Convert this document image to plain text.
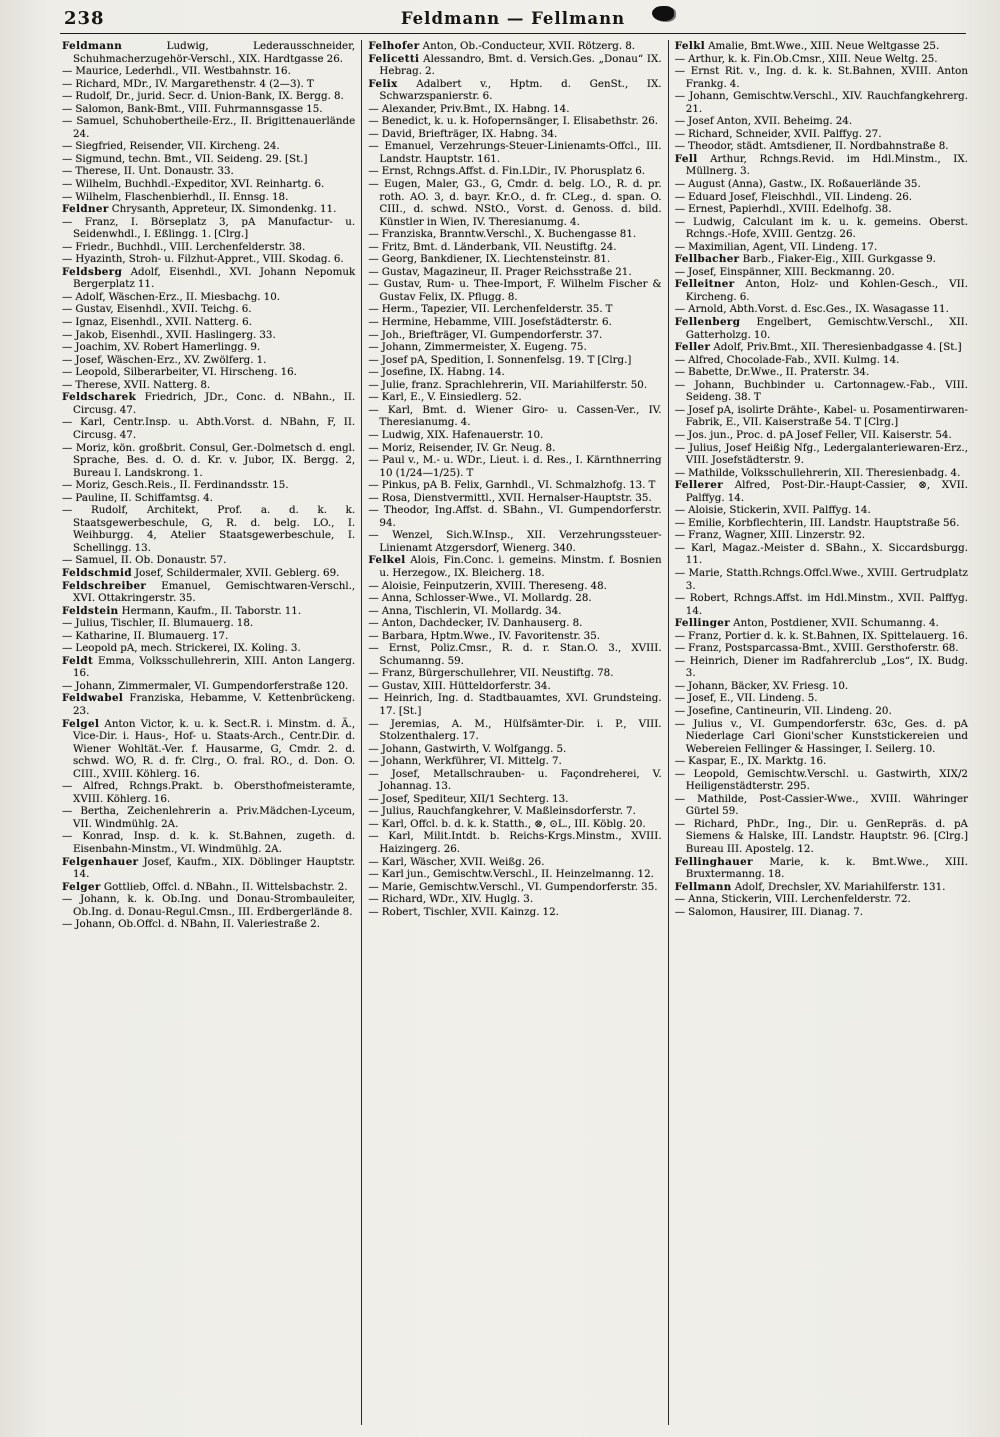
238	Feldmann — Fellmann

Feldmann Ludwig, Lederausschneider, Schuhmacherzugehör-Verschl., XIX. Hardtgasse 26.

— Maurice, Lederhdl., VII. Westbahnstr. 16.

— Richard, MDr., IV. Margarethenstr. 4 (2—3). T

— Rudolf, Dr., jurid. Secr. d. Union-Bank, IX. Bergg. 8.

— Salomon, Bank-Bmt., VIII. Fuhrmannsgasse 15.

— Samuel, Schuhobertheile-Erz., II. Brigittenauerlände 24.

— Siegfried, Reisender, VII. Kircheng. 24.

— Sigmund, techn. Bmt., VII. Seideng. 29. [St.]

— Therese, II. Unt. Donaustr. 33.

— Wilhelm, Buchhdl.-Expeditor, XVI. Reinhartg. 6.

— Wilhelm, Flaschenbierhdl., II. Ennsg. 18.

Feldner Chrysanth, Appreteur, IX. Simondenkg. 11.

— Franz, I. Börseplatz 3, pA Manufactur- u. Seidenwhdl., I. Eßlingg. 1. [Clrg.]

— Friedr., Buchhdl., VIII. Lerchenfelderstr. 38.

— Hyazinth, Stroh- u. Filzhut-Appret., VIII. Skodag. 6.

Feldsberg Adolf, Eisenhdl., XVI. Johann Nepomuk Bergerplatz 11.

— Adolf, Wäschen-Erz., II. Miesbachg. 10.

— Gustav, Eisenhdl., XVII. Teichg. 6.

— Ignaz, Eisenhdl., XVII. Natterg. 6.

— Jakob, Eisenhdl., XVII. Haslingerg. 33.

— Joachim, XV. Robert Hamerlingg. 9.

— Josef, Wäschen-Erz., XV. Zwölferg. 1.

— Leopold, Silberarbeiter, VI. Hirscheng. 16.

— Therese, XVII. Natterg. 8.

Feldscharek Friedrich, JDr., Conc. d. NBahn., II. Circusg. 47.

— Karl, Centr.Insp. u. Abth.Vorst. d. NBahn, F, II. Circusg. 47.

— Moriz, kön. großbrit. Consul, Ger.-Dolmetsch d. engl. Sprache, Bes. d. O. d. Kr. v. Jubor, IX. Bergg. 2, Bureau I. Landskrong. 1.

— Moriz, Gesch.Reis., II. Ferdinandsstr. 15.

— Pauline, II. Schiffamtsg. 4.

— Rudolf, Architekt, Prof. a. d. k. k. Staatsgewerbeschule, G, R. d. belg. LO., I. Weihburgg. 4, Atelier Staatsgewerbeschule, I. Schellingg. 13.

— Samuel, II. Ob. Donaustr. 57.

Feldschmid Josef, Schildermaler, XVII. Geblerg. 69.

Feldschreiber Emanuel, Gemischtwaren-Verschl., XVI. Ottakringerstr. 35.

Feldstein Hermann, Kaufm., II. Taborstr. 11.

— Julius, Tischler, II. Blumauerg. 18.

— Katharine, II. Blumauerg. 17.

— Leopold pA, mech. Strickerei, IX. Koling. 3.

Feldt Emma, Volksschullehrerin, XIII. Anton Langerg. 16.

— Johann, Zimmermaler, VI. Gumpendorferstraße 120.

Feldwabel Franziska, Hebamme, V. Kettenbrückeng. 23.

Felgel Anton Victor, k. u. k. Sect.R. i. Minstm. d. Ä., Vice-Dir. i. Haus-, Hof- u. Staats-Arch., Centr.Dir. d. Wiener Wohltät.-Ver. f. Hausarme, G, Cmdr. 2. d. schwd. WO, R. d. fr. Clrg., O. fral. RO., d. Don. O. CIII., XVIII. Köhlerg. 16.

— Alfred, Rchngs.Prakt. b. Obersthofmeisteramte, XVIII. Köhlerg. 16.

— Bertha, Zeichenlehrerin a. Priv.Mädchen-Lyceum, VII. Windmühlg. 2A.

— Konrad, Insp. d. k. k. St.Bahnen, zugeth. d. Eisenbahn-Minstm., VI. Windmühlg. 2A.

Felgenhauer Josef, Kaufm., XIX. Döblinger Hauptstr. 14.

Felger Gottlieb, Offcl. d. NBahn., II. Wittelsbachstr. 2.

— Johann, k. k. Ob.Ing. und Donau-Strombauleiter, Ob.Ing. d. Donau-Regul.Cmsn., III. Erdbergerlände 8.

— Johann, Ob.Offcl. d. NBahn, II. Valeriestraße 2.

Felhofer Anton, Ob.-Conducteur, XVII. Rötzerg. 8.

Felicetti Alessandro, Bmt. d. Versich.Ges. „Donau“ IX. Hebrag. 2.

Felix Adalbert v., Hptm. d. GenSt., IX. Schwarzspanierstr. 6.

— Alexander, Priv.Bmt., IX. Habng. 14.

— Benedict, k. u. k. Hofopernsänger, I. Elisabethstr. 26.

— David, Briefträger, IX. Habng. 34.

— Emanuel, Verzehrungs-Steuer-Linienamts-Offcl., III. Landstr. Hauptstr. 161.

— Ernst, Rchngs.Affst. d. Fin.LDir., IV. Phorusplatz 6.

— Eugen, Maler, G3., G, Cmdr. d. belg. LO., R. d. pr. roth. AO. 3, d. bayr. Kr.O., d. fr. CLeg., d. span. O. CIII., d. schwd. NStO., Vorst. d. Genoss. d. bild. Künstler in Wien, IV. Theresianumg. 4.

— Franziska, Branntw.Verschl., X. Buchengasse 81.

— Fritz, Bmt. d. Länderbank, VII. Neustiftg. 24.

— Georg, Bankdiener, IX. Liechtensteinstr. 81.

— Gustav, Magazineur, II. Prager Reichsstraße 21.

— Gustav, Rum- u. Thee-Import, F. Wilhelm Fischer & Gustav Felix, IX. Pflugg. 8.

— Herm., Tapezier, VII. Lerchenfelderstr. 35. T

— Hermine, Hebamme, VIII. Josefstädterstr. 6.

— Joh., Briefträger, VI. Gumpendorferstr. 37.

— Johann, Zimmermeister, X. Eugeng. 75.

— Josef pA, Spedition, I. Sonnenfelsg. 19. T [Clrg.]

— Josefine, IX. Habng. 14.

— Julie, franz. Sprachlehrerin, VII. Mariahilferstr. 50.

— Karl, E., V. Einsiedlerg. 52.

— Karl, Bmt. d. Wiener Giro- u. Cassen-Ver., IV. Theresianumg. 4.

— Ludwig, XIX. Hafenauerstr. 10.

— Moriz, Reisender, IV. Gr. Neug. 8.

— Paul v., M.- u. WDr., Lieut. i. d. Res., I. Kärnthnerring 10 (1/24—1/25). T

— Pinkus, pA B. Felix, Garnhdl., VI. Schmalzhofg. 13. T

— Rosa, Dienstvermittl., XVII. Hernalser-Hauptstr. 35.

— Theodor, Ing.Affst. d. SBahn., VI. Gumpendorferstr. 94.

— Wenzel, Sich.W.Insp., XII. Verzehrungssteuer-Linienamt Atzgersdorf, Wienerg. 340.

Felkel Alois, Fin.Conc. i. gemeins. Minstm. f. Bosnien u. Herzegow., IX. Bleicherg. 18.

— Aloisie, Feinputzerin, XVIII. Thereseng. 48.

— Anna, Schlosser-Wwe., VI. Mollardg. 28.

— Anna, Tischlerin, VI. Mollardg. 34.

— Anton, Dachdecker, IV. Danhauserg. 8.

— Barbara, Hptm.Wwe., IV. Favoritenstr. 35.

— Ernst, Poliz.Cmsr., R. d. r. Stan.O. 3., XVIII. Schumanng. 59.

— Franz, Bürgerschullehrer, VII. Neustiftg. 78.

— Gustav, XIII. Hütteldorferstr. 34.

— Heinrich, Ing. d. Stadtbauamtes, XVI. Grundsteing. 17. [St.]

— Jeremias, A. M., Hülfsämter-Dir. i. P., VIII. Stolzenthalerg. 17.

— Johann, Gastwirth, V. Wolfgangg. 5.

— Johann, Werkführer, VI. Mittelg. 7.

— Josef, Metallschrauben- u. Façondreherei, V. Johannag. 13.

— Josef, Spediteur, XII/1 Sechterg. 13.

— Julius, Rauchfangkehrer, V. Maßleinsdorferstr. 7.

— Karl, Offcl. b. d. k. k. Statth., ⊗, ⊙L., III. Köblg. 20.

— Karl, Milit.Intdt. b. Reichs-Krgs.Minstm., XVIII. Haizingerg. 26.

— Karl, Wäscher, XVII. Weißg. 26.

— Karl jun., Gemischtw.Verschl., II. Heinzelmanng. 12.

— Marie, Gemischtw.Verschl., VI. Gumpendorferstr. 35.

— Richard, WDr., XIV. Huglg. 3.

— Robert, Tischler, XVII. Kainzg. 12.

Felkl Amalie, Bmt.Wwe., XIII. Neue Weltgasse 25.

— Arthur, k. k. Fin.Ob.Cmsr., XIII. Neue Weltg. 25.

— Ernst Rit. v., Ing. d. k. k. St.Bahnen, XVIII. Anton Frankg. 4.

— Johann, Gemischtw.Verschl., XIV. Rauchfangkehrerg. 21.

— Josef Anton, XVII. Beheimg. 24.

— Richard, Schneider, XVII. Palffyg. 27.

— Theodor, städt. Amtsdiener, II. Nordbahnstraße 8.

Fell Arthur, Rchngs.Revid. im Hdl.Minstm., IX. Müllnerg. 3.

— August (Anna), Gastw., IX. Roßauerlände 35.

— Eduard Josef, Fleischhdl., VII. Lindeng. 26.

— Ernest, Papierhdl., XVIII. Edelhofg. 38.

— Ludwig, Calculant im k. u. k. gemeins. Oberst. Rchngs.-Hofe, XVIII. Gentzg. 26.

— Maximilian, Agent, VII. Lindeng. 17.

Fellbacher Barb., Fiaker-Eig., XIII. Gurkgasse 9.

— Josef, Einspänner, XIII. Beckmanng. 20.

Felleitner Anton, Holz- und Kohlen-Gesch., VII. Kircheng. 6.

— Arnold, Abth.Vorst. d. Esc.Ges., IX. Wasagasse 11.

Fellenberg Engelbert, Gemischtw.Verschl., XII. Gatterholzg. 10.

Feller Adolf, Priv.Bmt., XII. Theresienbadgasse 4. [St.]

— Alfred, Chocolade-Fab., XVII. Kulmg. 14.

— Babette, Dr.Wwe., II. Praterstr. 34.

— Johann, Buchbinder u. Cartonnagew.-Fab., VIII. Seideng. 38. T

— Josef pA, isolirte Drähte-, Kabel- u. Posamentirwaren-Fabrik, E., VII. Kaiserstraße 54. T [Clrg.]

— Jos. jun., Proc. d. pA Josef Feller, VII. Kaiserstr. 54.

— Julius, Josef Heißig Nfg., Ledergalanteriewaren-Erz., VIII. Josefstädterstr. 9.

— Mathilde, Volksschullehrerin, XII. Theresienbadg. 4.

Fellerer Alfred, Post-Dir.-Haupt-Cassier, ⊗, XVII. Palffyg. 14.

— Aloisie, Stickerin, XVII. Palffyg. 14.

— Emilie, Korbflechterin, III. Landstr. Hauptstraße 56.

— Franz, Wagner, XIII. Linzerstr. 92.

— Karl, Magaz.-Meister d. SBahn., X. Siccardsburgg. 11.

— Marie, Statth.Rchngs.Offcl.Wwe., XVIII. Gertrudplatz 3.

— Robert, Rchngs.Affst. im Hdl.Minstm., XVII. Palffyg. 14.

Fellinger Anton, Postdiener, XVII. Schumanng. 4.

— Franz, Portier d. k. k. St.Bahnen, IX. Spittelauerg. 16.

— Franz, Postsparcassa-Bmt., XVIII. Gersthoferstr. 68.

— Heinrich, Diener im Radfahrerclub „Los“, IX. Budg. 3.

— Johann, Bäcker, XV. Friesg. 10.

— Josef, E., VII. Lindeng. 5.

— Josefine, Cantineurin, VII. Lindeng. 20.

— Julius v., VI. Gumpendorferstr. 63c, Ges. d. pA Niederlage Carl Gioni'scher Kunststickereien und Webereien Fellinger & Hassinger, I. Seilerg. 10.

— Kaspar, E., IX. Marktg. 16.

— Leopold, Gemischtw.Verschl. u. Gastwirth, XIX/2 Heiligenstädterstr. 295.

— Mathilde, Post-Cassier-Wwe., XVIII. Währinger Gürtel 59.

— Richard, PhDr., Ing., Dir. u. GenRepräs. d. pA Siemens & Halske, III. Landstr. Hauptstr. 96. [Clrg.] Bureau III. Apostelg. 12.

Fellinghauer Marie, k. k. Bmt.Wwe., XIII. Bruxtermanng. 18.

Fellmann Adolf, Drechsler, XV. Mariahilferstr. 131.

— Anna, Stickerin, VIII. Lerchenfelderstr. 72.

— Salomon, Hausirer, III. Dianag. 7.
